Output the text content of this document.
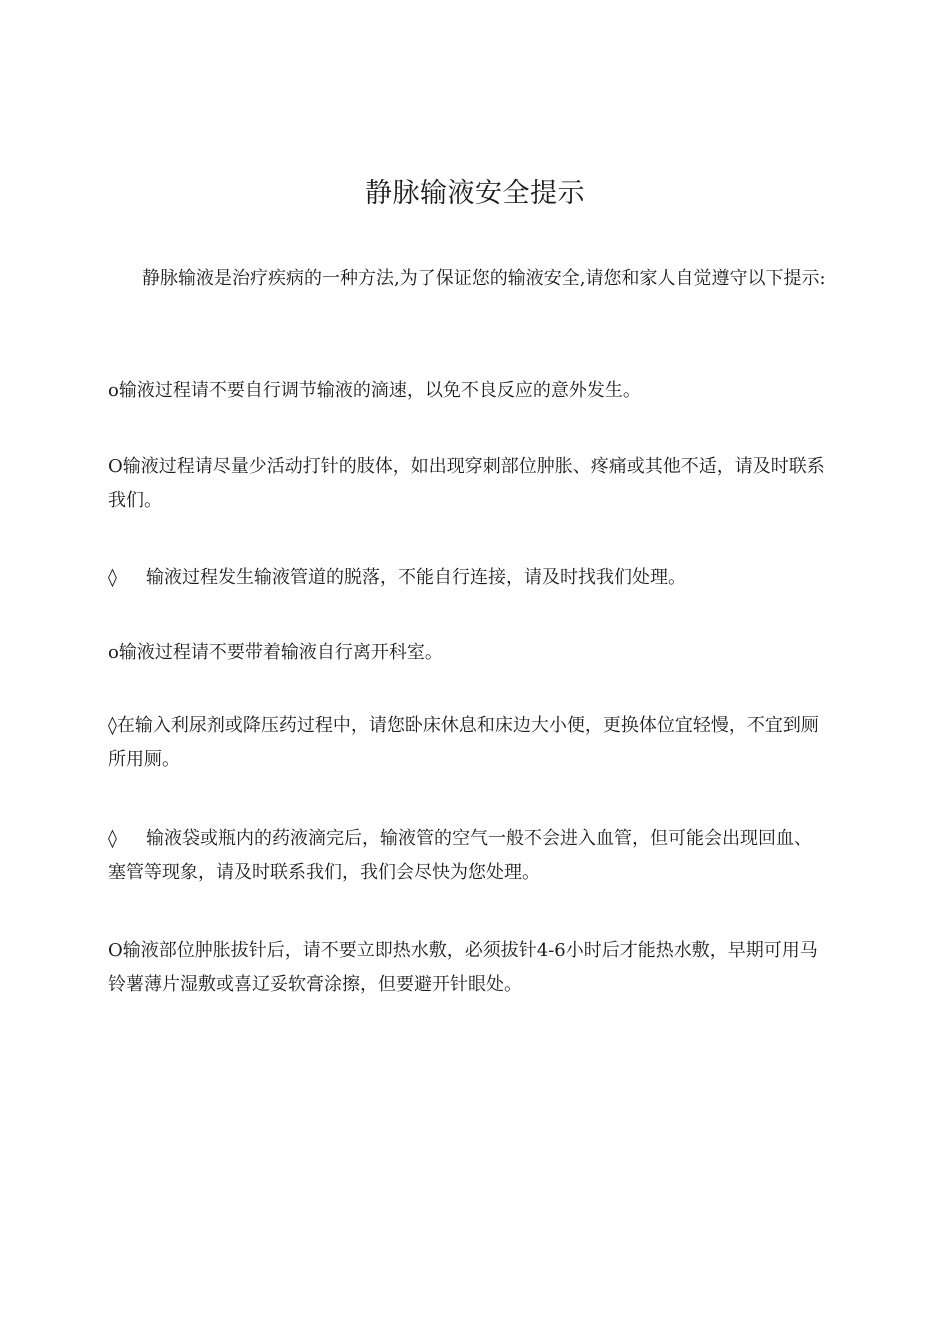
静脉输液安全提示

静脉输液是治疗疾病的一种方法,为了保证您的输液安全,请您和家人自觉遵守以下提示:

o输液过程请不要自行调节输液的滴速，以免不良反应的意外发生。
O输液过程请尽量少活动打针的肢体，如出现穿刺部位肿胀、疼痛或其他不适，请及时联系我们。
◊ 输液过程发生输液管道的脱落，不能自行连接，请及时找我们处理。
o输液过程请不要带着输液自行离开科室。
◊在输入利尿剂或降压药过程中，请您卧床休息和床边大小便，更换体位宜轻慢，不宜到厕所用厕。
◊ 输液袋或瓶内的药液滴完后，输液管的空气一般不会进入血管，但可能会出现回血、塞管等现象，请及时联系我们，我们会尽快为您处理。
O输液部位肿胀拔针后，请不要立即热水敷，必须拔针4-6小时后才能热水敷，早期可用马铃薯薄片湿敷或喜辽妥软膏涂擦，但要避开针眼处。
